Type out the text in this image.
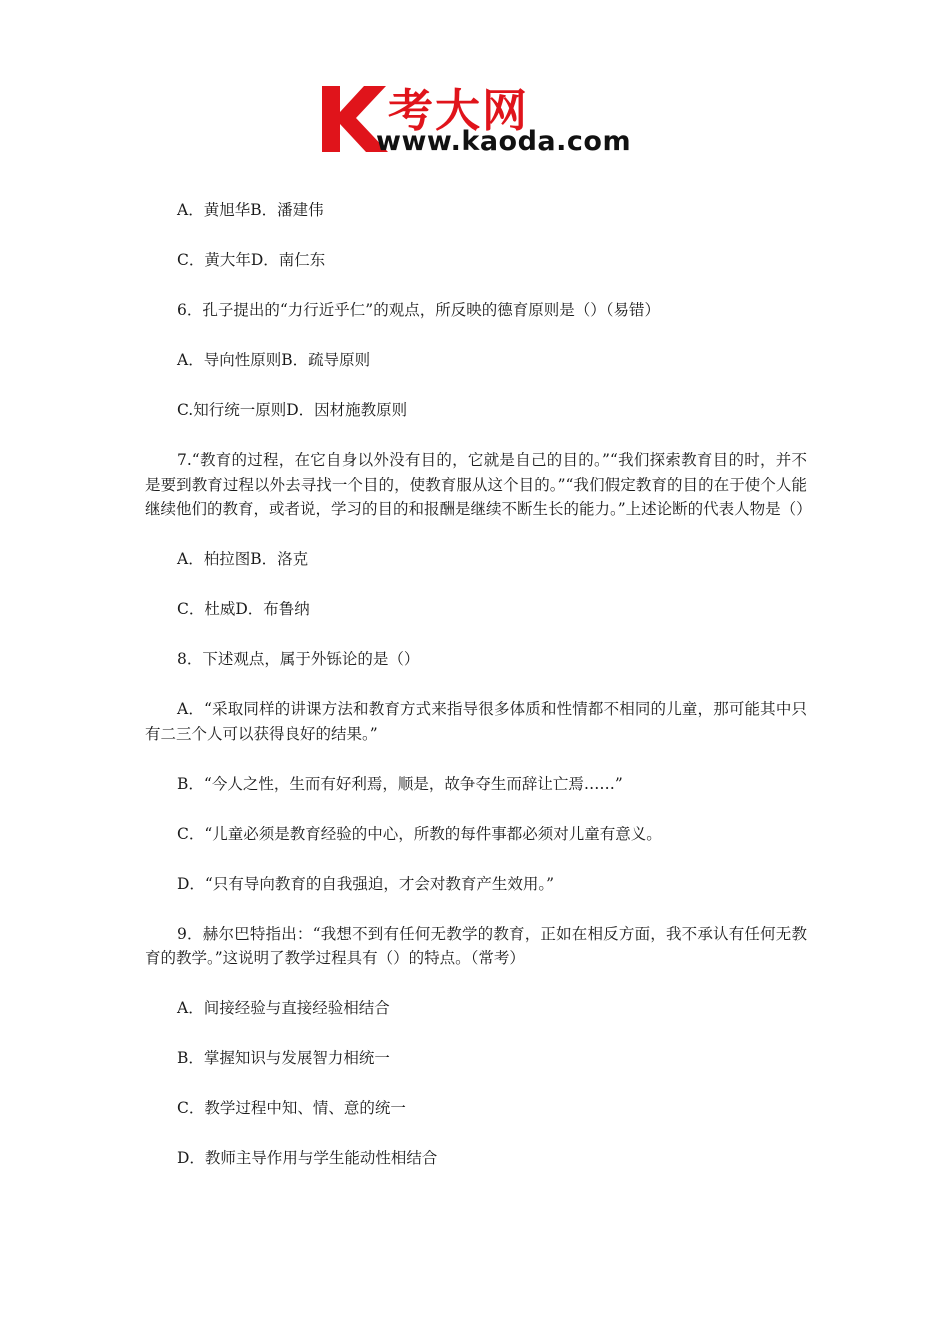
考大网
www.kaoda.com

A．黄旭华B．潘建伟

C．黄大年D．南仁东

6．孔子提出的“力行近乎仁”的观点，所反映的德育原则是（）（易错）

A．导向性原则B．疏导原则

C.知行统一原则D．因材施教原则

7.“教育的过程，在它自身以外没有目的，它就是自己的目的。”“我们探索教育目的时，并不是要到教育过程以外去寻找一个目的，使教育服从这个目的。”“我们假定教育的目的在于使个人能继续他们的教育，或者说，学习的目的和报酬是继续不断生长的能力。”上述论断的代表人物是（）

A．柏拉图B．洛克

C．杜威D．布鲁纳

8．下述观点，属于外铄论的是（）

A．“采取同样的讲课方法和教育方式来指导很多体质和性情都不相同的儿童，那可能其中只有二三个人可以获得良好的结果。”

B．“今人之性，生而有好利焉，顺是，故争夺生而辞让亡焉……”

C．“儿童必须是教育经验的中心，所教的每件事都必须对儿童有意义。

D．“只有导向教育的自我强迫，才会对教育产生效用。”

9．赫尔巴特指出：“我想不到有任何无教学的教育，正如在相反方面，我不承认有任何无教育的教学。”这说明了教学过程具有（）的特点。（常考）

A．间接经验与直接经验相结合

B．掌握知识与发展智力相统一

C．教学过程中知、情、意的统一

D．教师主导作用与学生能动性相结合
